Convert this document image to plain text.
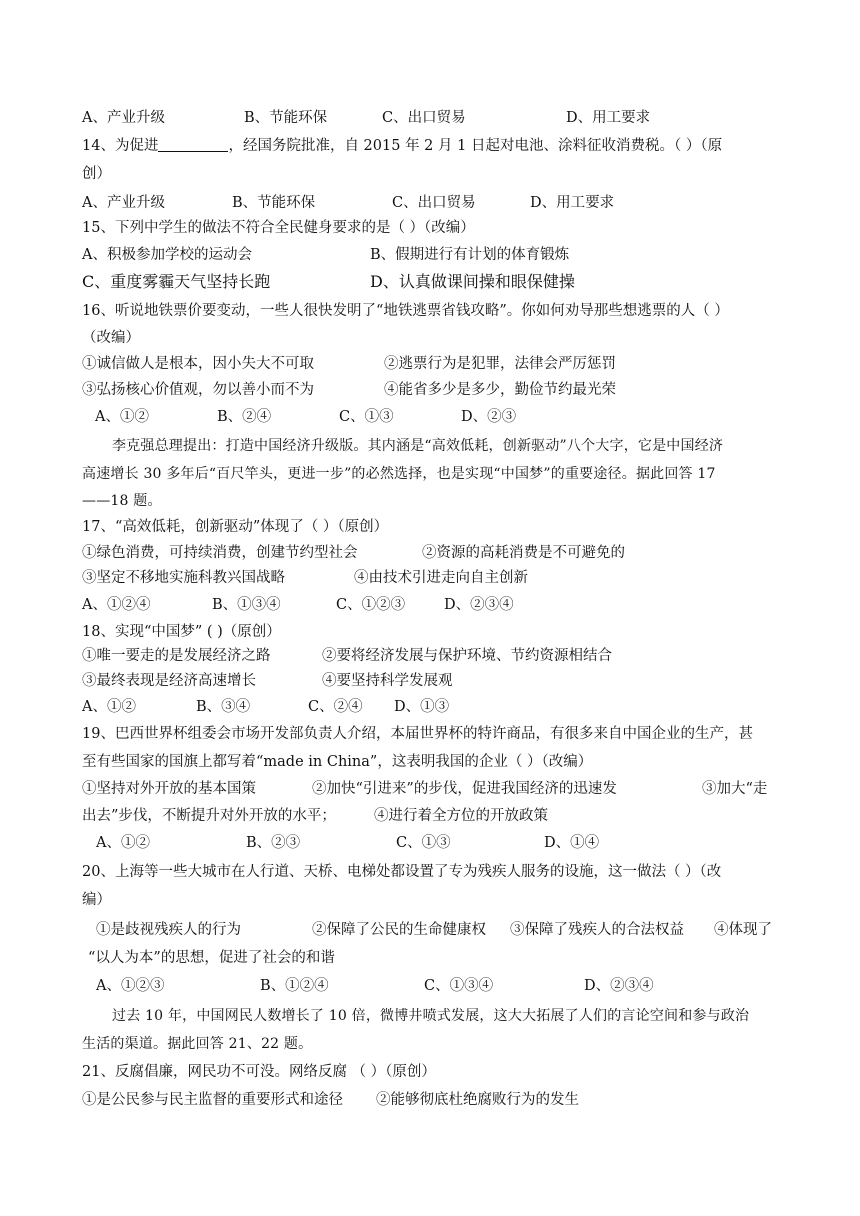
A、产业升级	B、节能环保	C、出口贸易	D、用工要求
14、为促进	，经国务院批准，自 2015 年 2 月 1 日起对电池、涂料征收消费税。（ ）（原
创）
A、产业升级	B、节能环保	C、出口贸易	D、用工要求
15、下列中学生的做法不符合全民健身要求的是（ ）（改编）
A、积极参加学校的运动会	B、假期进行有计划的体育锻炼
C、重度雾霾天气坚持长跑	D、认真做课间操和眼保健操
16、听说地铁票价要变动，一些人很快发明了“地铁逃票省钱攻略”。你如何劝导那些想逃票的人（ ）
（改编）
①诚信做人是根本，因小失大不可取	②逃票行为是犯罪，法律会严厉惩罚
③弘扬核心价值观，勿以善小而不为	④能省多少是多少，勤俭节约最光荣
A、①②	B、②④	C、①③	D、②③
李克强总理提出：打造中国经济升级版。其内涵是“高效低耗，创新驱动”八个大字，它是中国经济
高速增长 30 多年后“百尺竿头，更进一步”的必然选择，也是实现“中国梦”的重要途径。据此回答 17
——18 题。
17、“高效低耗，创新驱动”体现了（ ）（原创）
①绿色消费，可持续消费，创建节约型社会	②资源的高耗消费是不可避免的
③坚定不移地实施科教兴国战略	④由技术引进走向自主创新
A、①②④	B、①③④	C、①②③	D、②③④
18、实现“中国梦” ( )（原创）
①唯一要走的是发展经济之路	②要将经济发展与保护环境、节约资源相结合
③最终表现是经济高速增长	④要坚持科学发展观
A、①②	B、③④	C、②④ D、①③
19、巴西世界杯组委会市场开发部负责人介绍，本届世界杯的特许商品，有很多来自中国企业的生产，甚
至有些国家的国旗上都写着“made in China”，这表明我国的企业（ ）（改编）
①坚持对外开放的基本国策	②加快“引进来”的步伐，促进我国经济的迅速发	③加大“走
出去”步伐，不断提升对外开放的水平；	④进行着全方位的开放政策
A、①②	B、②③	C、①③	D、①④
20、上海等一些大城市在人行道、天桥、电梯处都设置了专为残疾人服务的设施，这一做法（ ）（改
编）
①是歧视残疾人的行为	②保障了公民的生命健康权 ③保障了残疾人的合法权益 ④体现了
“以人为本”的思想，促进了社会的和谐
A、①②③	B、①②④	C、①③④	D、②③④
过去 10 年，中国网民人数增长了 10 倍，微博井喷式发展，这大大拓展了人们的言论空间和参与政治
生活的渠道。据此回答 21、22 题。
21、反腐倡廉，网民功不可没。网络反腐 （ ）（原创）
①是公民参与民主监督的重要形式和途径 ②能够彻底杜绝腐败行为的发生
